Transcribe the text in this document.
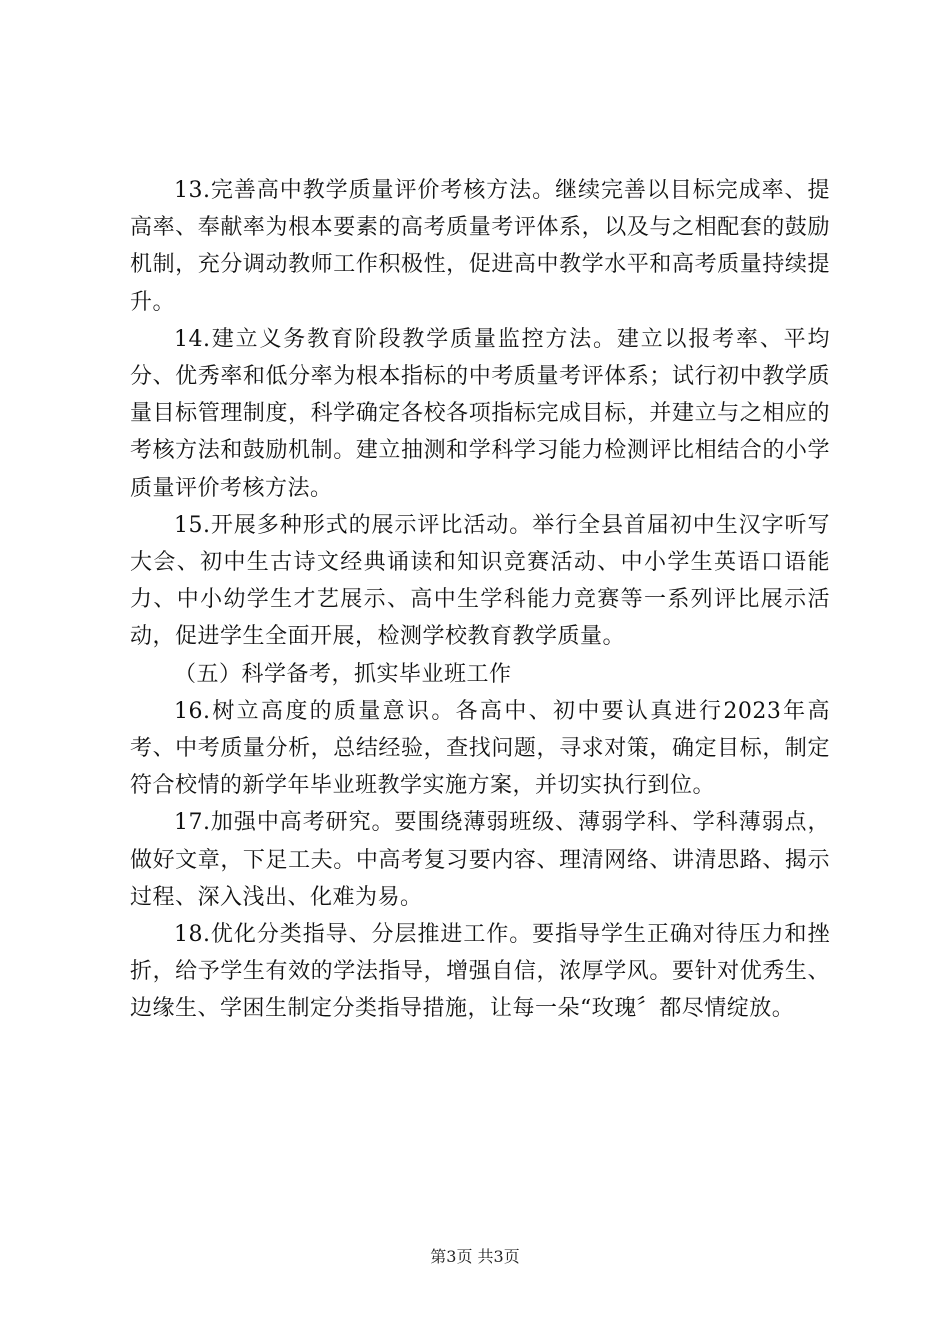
13.完善高中教学质量评价考核方法。继续完善以目标完成率、提高率、奉献率为根本要素的高考质量考评体系，以及与之相配套的鼓励机制，充分调动教师工作积极性，促进高中教学水平和高考质量持续提升。

14.建立义务教育阶段教学质量监控方法。建立以报考率、平均分、优秀率和低分率为根本指标的中考质量考评体系；试行初中教学质量目标管理制度，科学确定各校各项指标完成目标，并建立与之相应的考核方法和鼓励机制。建立抽测和学科学习能力检测评比相结合的小学质量评价考核方法。

15.开展多种形式的展示评比活动。举行全县首届初中生汉字听写大会、初中生古诗文经典诵读和知识竞赛活动、中小学生英语口语能力、中小幼学生才艺展示、高中生学科能力竞赛等一系列评比展示活动，促进学生全面开展，检测学校教育教学质量。

（五）科学备考，抓实毕业班工作

16.树立高度的质量意识。各高中、初中要认真进行2023年高考、中考质量分析，总结经验，查找问题，寻求对策，确定目标，制定符合校情的新学年毕业班教学实施方案，并切实执行到位。

17.加强中高考研究。要围绕薄弱班级、薄弱学科、学科薄弱点，做好文章，下足工夫。中高考复习要内容、理清网络、讲清思路、揭示过程、深入浅出、化难为易。

18.优化分类指导、分层推进工作。要指导学生正确对待压力和挫折，给予学生有效的学法指导，增强自信，浓厚学风。要针对优秀生、边缘生、学困生制定分类指导措施，让每一朵“玫瑰〞都尽情绽放。

第3页 共3页
